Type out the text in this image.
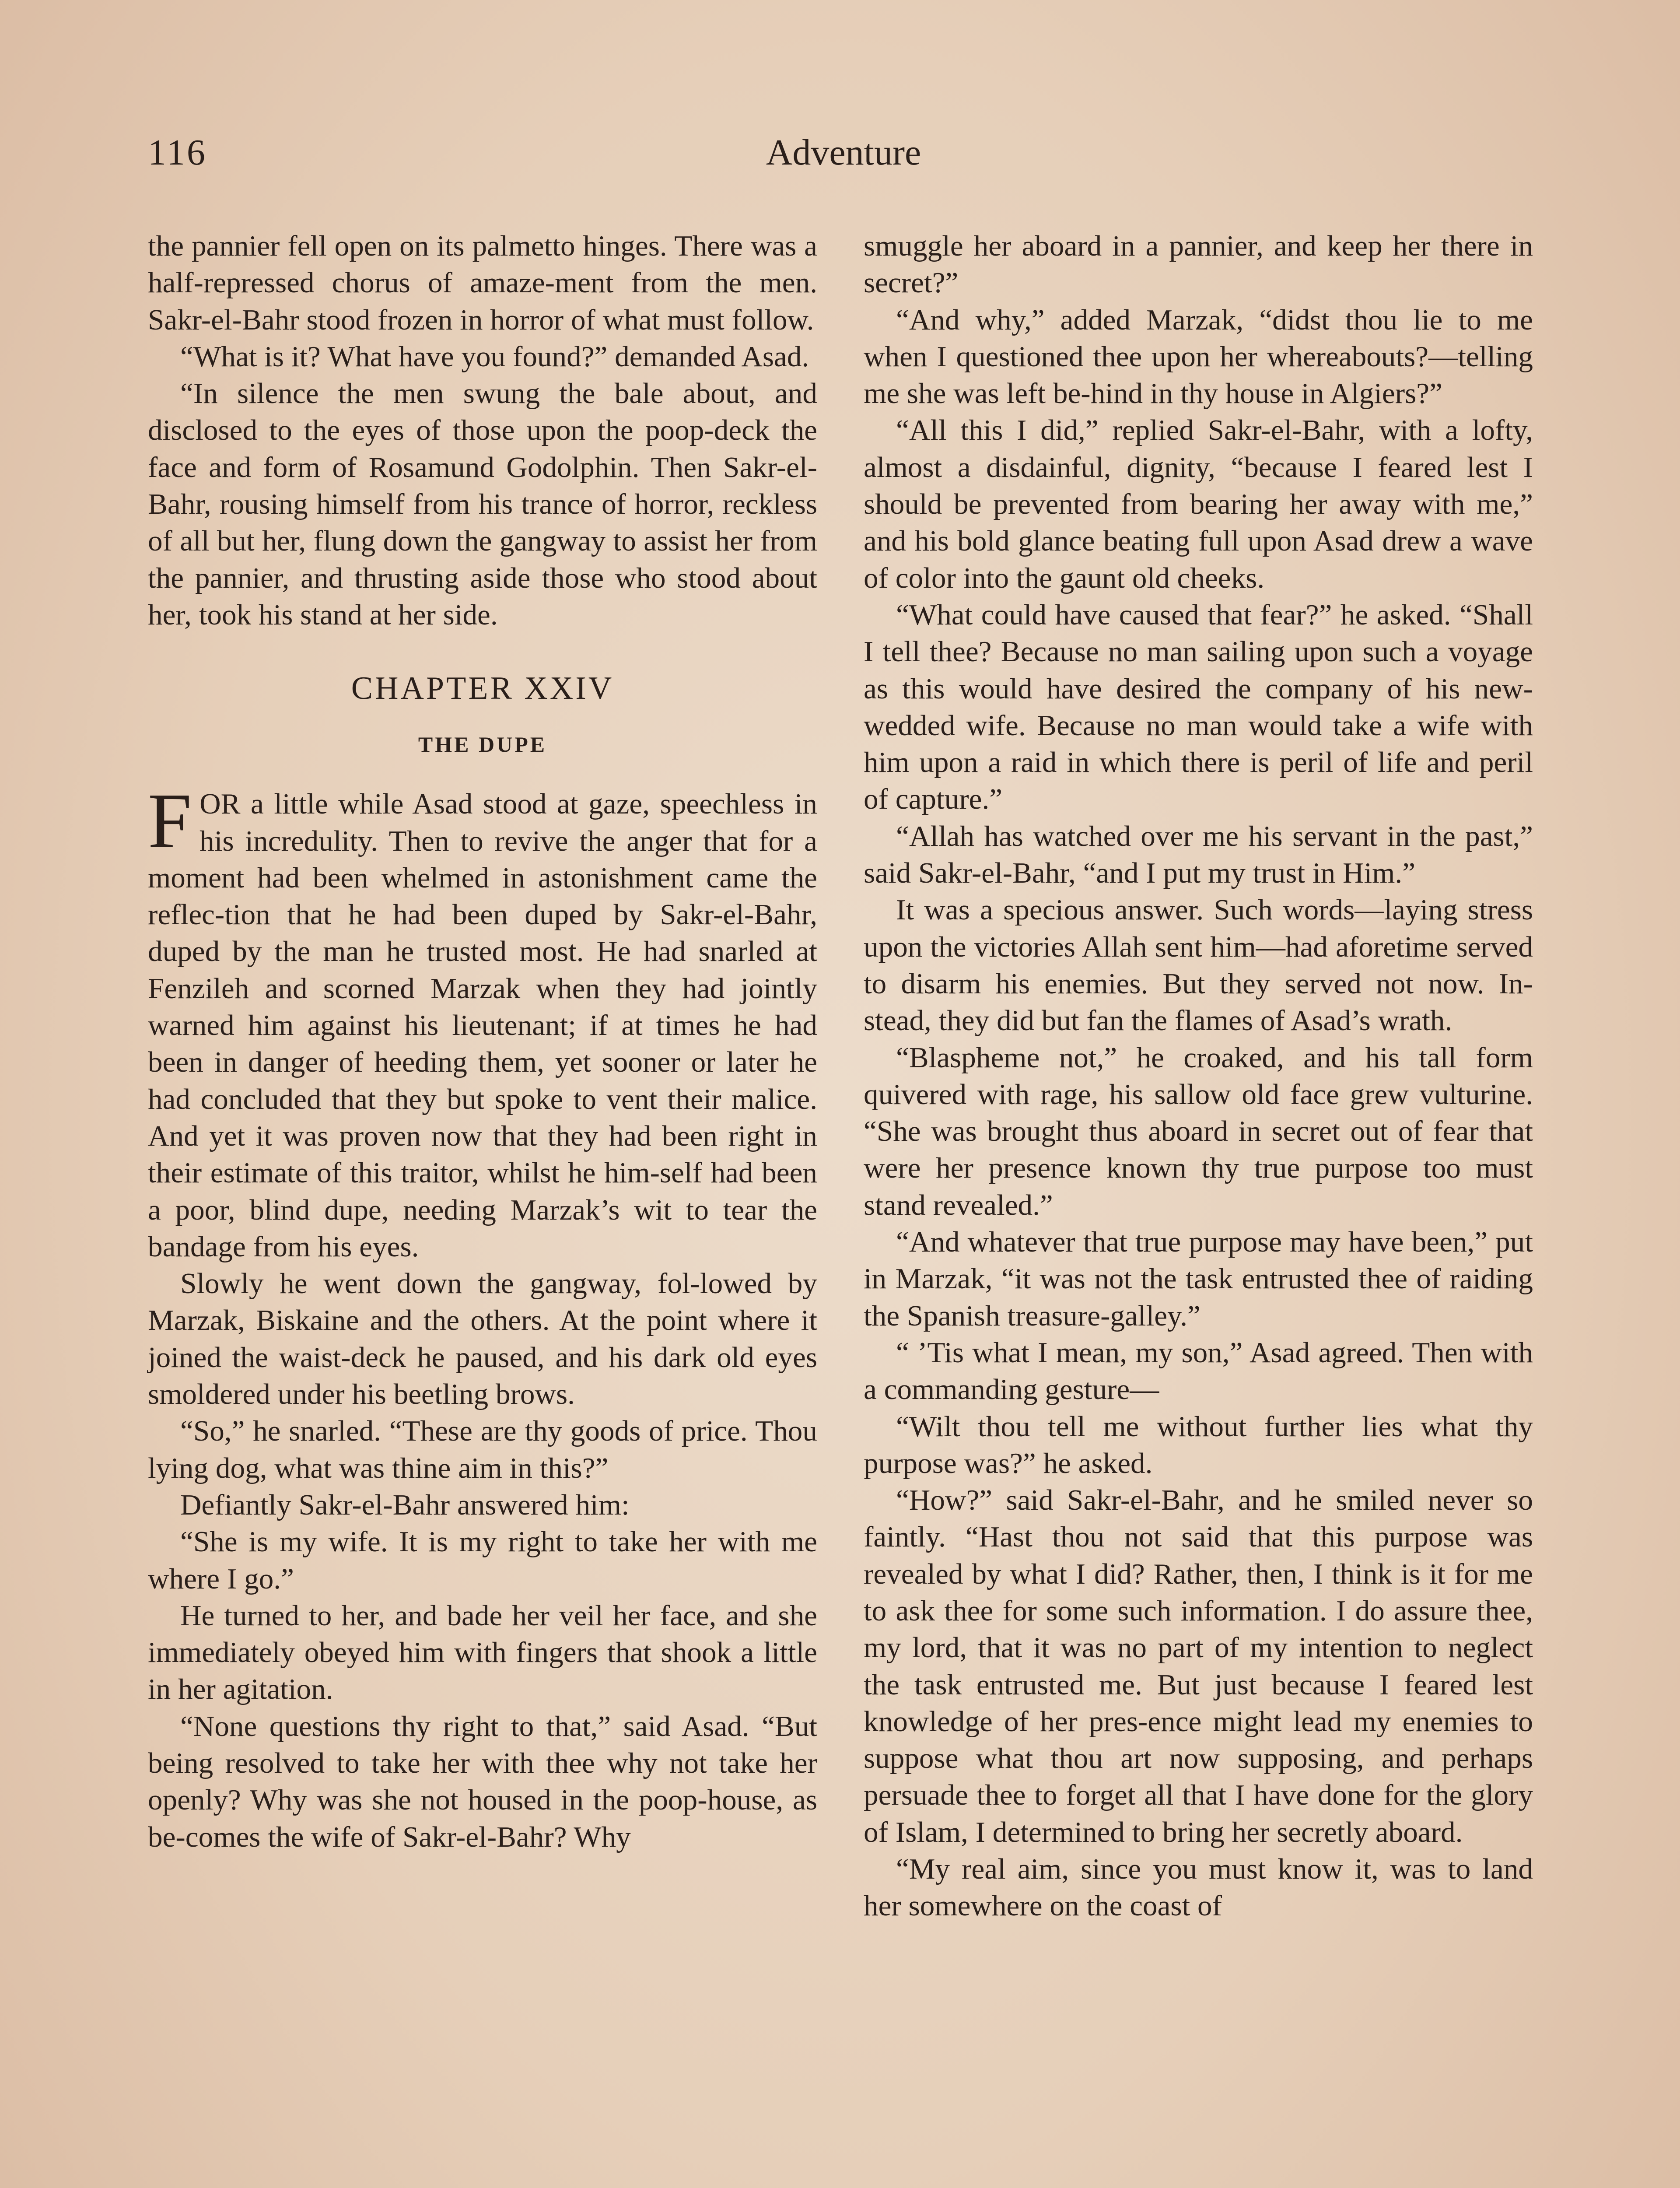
116	Adventure

the pannier fell open on its palmetto hinges. There was a half-repressed chorus of amaze-ment from the men. Sakr-el-Bahr stood frozen in horror of what must follow.

“What is it? What have you found?” demanded Asad.

“In silence the men swung the bale about, and disclosed to the eyes of those upon the poop-deck the face and form of Rosamund Godolphin. Then Sakr-el-Bahr, rousing himself from his trance of horror, reckless of all but her, flung down the gangway to assist her from the pannier, and thrusting aside those who stood about her, took his stand at her side.

CHAPTER XXIV
THE DUPE

FOR a little while Asad stood at gaze, speechless in his incredulity. Then to revive the anger that for a moment had been whelmed in astonishment came the reflec-tion that he had been duped by Sakr-el-Bahr, duped by the man he trusted most. He had snarled at Fenzileh and scorned Marzak when they had jointly warned him against his lieutenant; if at times he had been in danger of heeding them, yet sooner or later he had concluded that they but spoke to vent their malice. And yet it was proven now that they had been right in their estimate of this traitor, whilst he him-self had been a poor, blind dupe, needing Marzak’s wit to tear the bandage from his eyes.

Slowly he went down the gangway, fol-lowed by Marzak, Biskaine and the others. At the point where it joined the waist-deck he paused, and his dark old eyes smoldered under his beetling brows.

“So,” he snarled. “These are thy goods of price. Thou lying dog, what was thine aim in this?”

Defiantly Sakr-el-Bahr answered him:

“She is my wife. It is my right to take her with me where I go.”

He turned to her, and bade her veil her face, and she immediately obeyed him with fingers that shook a little in her agitation.

“None questions thy right to that,” said Asad. “But being resolved to take her with thee why not take her openly? Why was she not housed in the poop-house, as be-comes the wife of Sakr-el-Bahr? Why

smuggle her aboard in a pannier, and keep her there in secret?”

“And why,” added Marzak, “didst thou lie to me when I questioned thee upon her whereabouts?—telling me she was left be-hind in thy house in Algiers?”

“All this I did,” replied Sakr-el-Bahr, with a lofty, almost a disdainful, dignity, “because I feared lest I should be prevented from bearing her away with me,” and his bold glance beating full upon Asad drew a wave of color into the gaunt old cheeks.

“What could have caused that fear?” he asked. “Shall I tell thee? Because no man sailing upon such a voyage as this would have desired the company of his new-wedded wife. Because no man would take a wife with him upon a raid in which there is peril of life and peril of capture.”

“Allah has watched over me his servant in the past,” said Sakr-el-Bahr, “and I put my trust in Him.”

It was a specious answer. Such words—laying stress upon the victories Allah sent him—had aforetime served to disarm his enemies. But they served not now. In-stead, they did but fan the flames of Asad’s wrath.

“Blaspheme not,” he croaked, and his tall form quivered with rage, his sallow old face grew vulturine. “She was brought thus aboard in secret out of fear that were her presence known thy true purpose too must stand revealed.”

“And whatever that true purpose may have been,” put in Marzak, “it was not the task entrusted thee of raiding the Spanish treasure-galley.”

“ ’Tis what I mean, my son,” Asad agreed. Then with a commanding gesture—

“Wilt thou tell me without further lies what thy purpose was?” he asked.

“How?” said Sakr-el-Bahr, and he smiled never so faintly. “Hast thou not said that this purpose was revealed by what I did? Rather, then, I think is it for me to ask thee for some such information. I do assure thee, my lord, that it was no part of my intention to neglect the task entrusted me. But just because I feared lest knowledge of her pres-ence might lead my enemies to suppose what thou art now supposing, and perhaps persuade thee to forget all that I have done for the glory of Islam, I determined to bring her secretly aboard.

“My real aim, since you must know it, was to land her somewhere on the coast of
